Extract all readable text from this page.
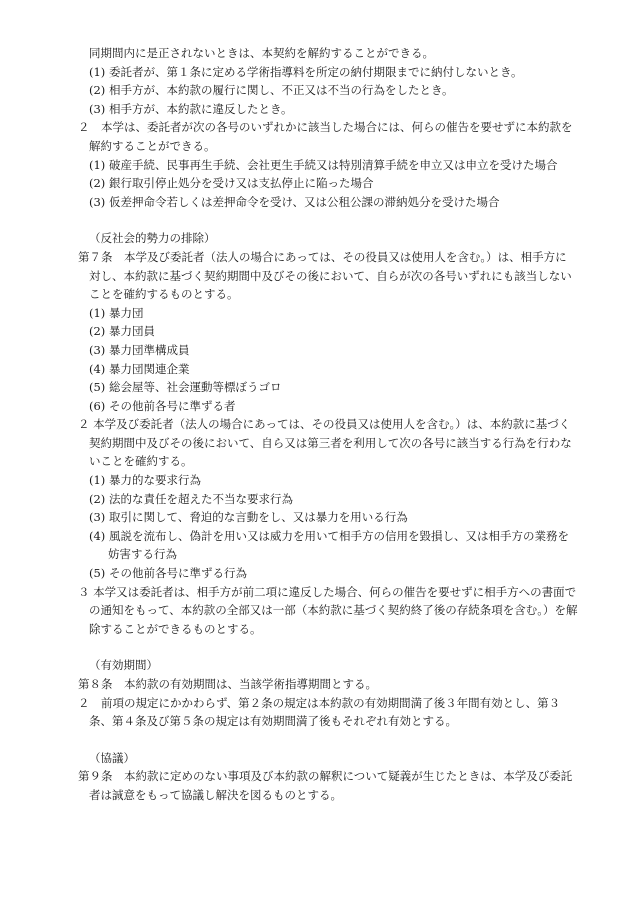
同期間内に是正されないときは、本契約を解約することができる。

(1) 委託者が、第１条に定める学術指導料を所定の納付期限までに納付しないとき。

(2) 相手方が、本約款の履行に関し、不正又は不当の行為をしたとき。

(3) 相手方が、本約款に違反したとき。

２　本学は、委託者が次の各号のいずれかに該当した場合には、何らの催告を要せずに本約款を解約することができる。

(1) 破産手続、民事再生手続、会社更生手続又は特別清算手続を申立又は申立を受けた場合

(2) 銀行取引停止処分を受け又は支払停止に陥った場合

(3) 仮差押命令若しくは差押命令を受け、又は公租公課の滞納処分を受けた場合

（反社会的勢力の排除）

第７条　本学及び委託者（法人の場合にあっては、その役員又は使用人を含む。）は、相手方に対し、本約款に基づく契約期間中及びその後において、自らが次の各号いずれにも該当しないことを確約するものとする。

(1) 暴力団

(2) 暴力団員

(3) 暴力団準構成員

(4) 暴力団関連企業

(5) 総会屋等、社会運動等標ぼうゴロ

(6) その他前各号に準ずる者

２ 本学及び委託者（法人の場合にあっては、その役員又は使用人を含む。）は、本約款に基づく契約期間中及びその後において、自ら又は第三者を利用して次の各号に該当する行為を行わないことを確約する。

(1) 暴力的な要求行為

(2) 法的な責任を超えた不当な要求行為

(3) 取引に関して、脅迫的な言動をし、又は暴力を用いる行為

(4) 風説を流布し、偽計を用い又は威力を用いて相手方の信用を毀損し、又は相手方の業務を妨害する行為

(5) その他前各号に準ずる行為

３ 本学又は委託者は、相手方が前二項に違反した場合、何らの催告を要せずに相手方への書面での通知をもって、本約款の全部又は一部（本約款に基づく契約終了後の存続条項を含む。）を解除することができるものとする。

（有効期間）

第８条　本約款の有効期間は、当該学術指導期間とする。

２　前項の規定にかかわらず、第２条の規定は本約款の有効期間満了後３年間有効とし、第３条、第４条及び第５条の規定は有効期間満了後もそれぞれ有効とする。

（協議）

第９条　本約款に定めのない事項及び本約款の解釈について疑義が生じたときは、本学及び委託者は誠意をもって協議し解決を図るものとする。
